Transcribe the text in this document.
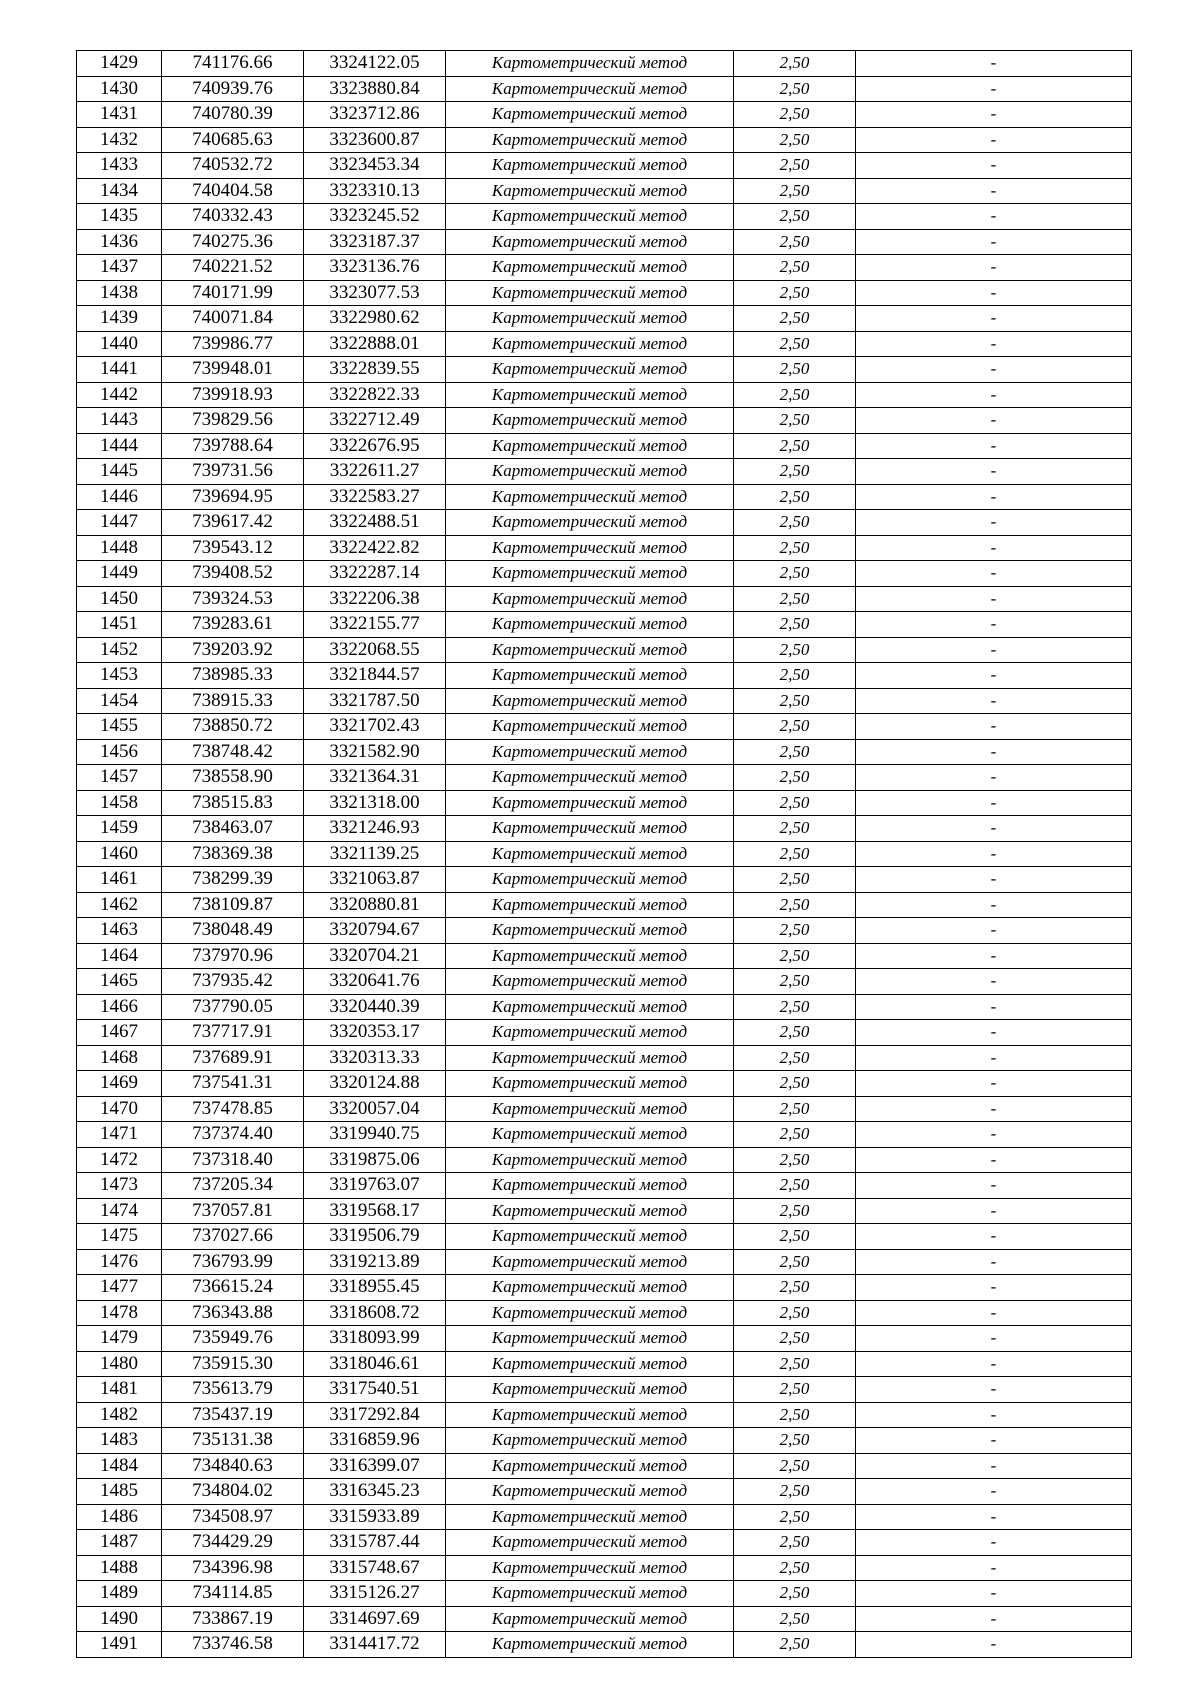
1429	741176.66	3324122.05	Картометрический метод	2,50	-
1430	740939.76	3323880.84	Картометрический метод	2,50	-
1431	740780.39	3323712.86	Картометрический метод	2,50	-
1432	740685.63	3323600.87	Картометрический метод	2,50	-
1433	740532.72	3323453.34	Картометрический метод	2,50	-
1434	740404.58	3323310.13	Картометрический метод	2,50	-
1435	740332.43	3323245.52	Картометрический метод	2,50	-
1436	740275.36	3323187.37	Картометрический метод	2,50	-
1437	740221.52	3323136.76	Картометрический метод	2,50	-
1438	740171.99	3323077.53	Картометрический метод	2,50	-
1439	740071.84	3322980.62	Картометрический метод	2,50	-
1440	739986.77	3322888.01	Картометрический метод	2,50	-
1441	739948.01	3322839.55	Картометрический метод	2,50	-
1442	739918.93	3322822.33	Картометрический метод	2,50	-
1443	739829.56	3322712.49	Картометрический метод	2,50	-
1444	739788.64	3322676.95	Картометрический метод	2,50	-
1445	739731.56	3322611.27	Картометрический метод	2,50	-
1446	739694.95	3322583.27	Картометрический метод	2,50	-
1447	739617.42	3322488.51	Картометрический метод	2,50	-
1448	739543.12	3322422.82	Картометрический метод	2,50	-
1449	739408.52	3322287.14	Картометрический метод	2,50	-
1450	739324.53	3322206.38	Картометрический метод	2,50	-
1451	739283.61	3322155.77	Картометрический метод	2,50	-
1452	739203.92	3322068.55	Картометрический метод	2,50	-
1453	738985.33	3321844.57	Картометрический метод	2,50	-
1454	738915.33	3321787.50	Картометрический метод	2,50	-
1455	738850.72	3321702.43	Картометрический метод	2,50	-
1456	738748.42	3321582.90	Картометрический метод	2,50	-
1457	738558.90	3321364.31	Картометрический метод	2,50	-
1458	738515.83	3321318.00	Картометрический метод	2,50	-
1459	738463.07	3321246.93	Картометрический метод	2,50	-
1460	738369.38	3321139.25	Картометрический метод	2,50	-
1461	738299.39	3321063.87	Картометрический метод	2,50	-
1462	738109.87	3320880.81	Картометрический метод	2,50	-
1463	738048.49	3320794.67	Картометрический метод	2,50	-
1464	737970.96	3320704.21	Картометрический метод	2,50	-
1465	737935.42	3320641.76	Картометрический метод	2,50	-
1466	737790.05	3320440.39	Картометрический метод	2,50	-
1467	737717.91	3320353.17	Картометрический метод	2,50	-
1468	737689.91	3320313.33	Картометрический метод	2,50	-
1469	737541.31	3320124.88	Картометрический метод	2,50	-
1470	737478.85	3320057.04	Картометрический метод	2,50	-
1471	737374.40	3319940.75	Картометрический метод	2,50	-
1472	737318.40	3319875.06	Картометрический метод	2,50	-
1473	737205.34	3319763.07	Картометрический метод	2,50	-
1474	737057.81	3319568.17	Картометрический метод	2,50	-
1475	737027.66	3319506.79	Картометрический метод	2,50	-
1476	736793.99	3319213.89	Картометрический метод	2,50	-
1477	736615.24	3318955.45	Картометрический метод	2,50	-
1478	736343.88	3318608.72	Картометрический метод	2,50	-
1479	735949.76	3318093.99	Картометрический метод	2,50	-
1480	735915.30	3318046.61	Картометрический метод	2,50	-
1481	735613.79	3317540.51	Картометрический метод	2,50	-
1482	735437.19	3317292.84	Картометрический метод	2,50	-
1483	735131.38	3316859.96	Картометрический метод	2,50	-
1484	734840.63	3316399.07	Картометрический метод	2,50	-
1485	734804.02	3316345.23	Картометрический метод	2,50	-
1486	734508.97	3315933.89	Картометрический метод	2,50	-
1487	734429.29	3315787.44	Картометрический метод	2,50	-
1488	734396.98	3315748.67	Картометрический метод	2,50	-
1489	734114.85	3315126.27	Картометрический метод	2,50	-
1490	733867.19	3314697.69	Картометрический метод	2,50	-
1491	733746.58	3314417.72	Картометрический метод	2,50	-
